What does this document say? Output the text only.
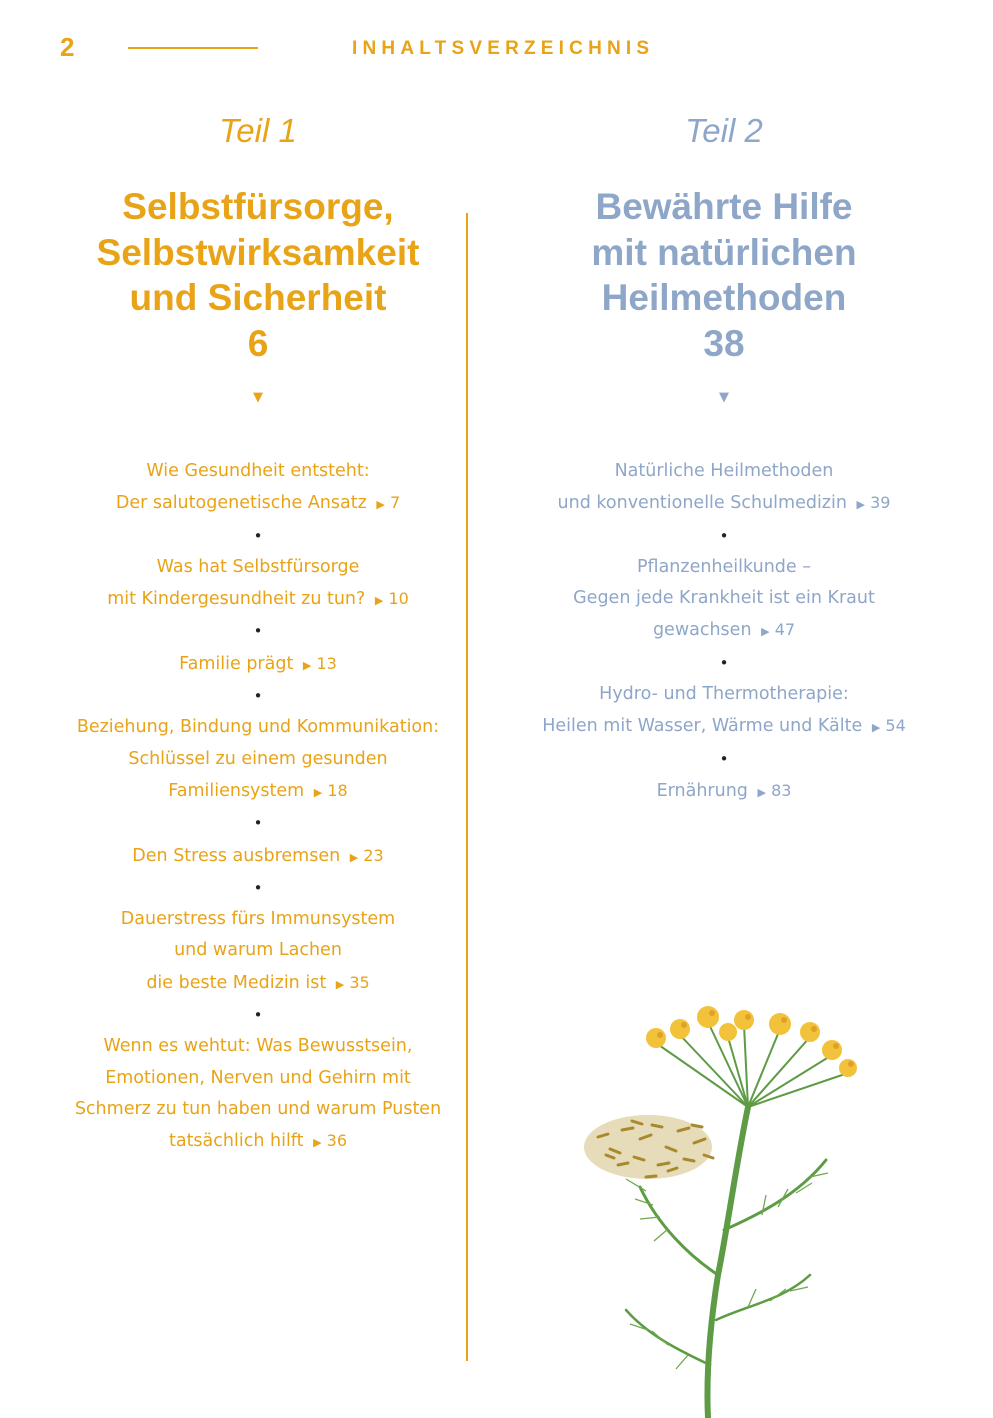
2	INHALTSVERZEICHNIS
Teil 1
Selbstfürsorge,
Selbstwirksamkeit
und Sicherheit
6
▼
Wie Gesundheit entsteht:
Der salutogenetische Ansatz ▶ 7
•
Was hat Selbstfürsorge
mit Kindergesundheit zu tun? ▶ 10
•
Familie prägt ▶ 13
•
Beziehung, Bindung und Kommunikation:
Schlüssel zu einem gesunden
Familiensystem ▶ 18
•
Den Stress ausbremsen ▶ 23
•
Dauerstress fürs Immunsystem
und warum Lachen
die beste Medizin ist ▶ 35
•
Wenn es wehtut: Was Bewusstsein,
Emotionen, Nerven und Gehirn mit
Schmerz zu tun haben und warum Pusten
tatsächlich hilft ▶ 36
Teil 2
Bewährte Hilfe
mit natürlichen
Heilmethoden
38
▼
Natürliche Heilmethoden
und konventionelle Schulmedizin ▶ 39
•
Pflanzenheilkunde –
Gegen jede Krankheit ist ein Kraut
gewachsen ▶ 47
•
Hydro- und Thermotherapie:
Heilen mit Wasser, Wärme und Kälte ▶ 54
•
Ernährung ▶ 83
